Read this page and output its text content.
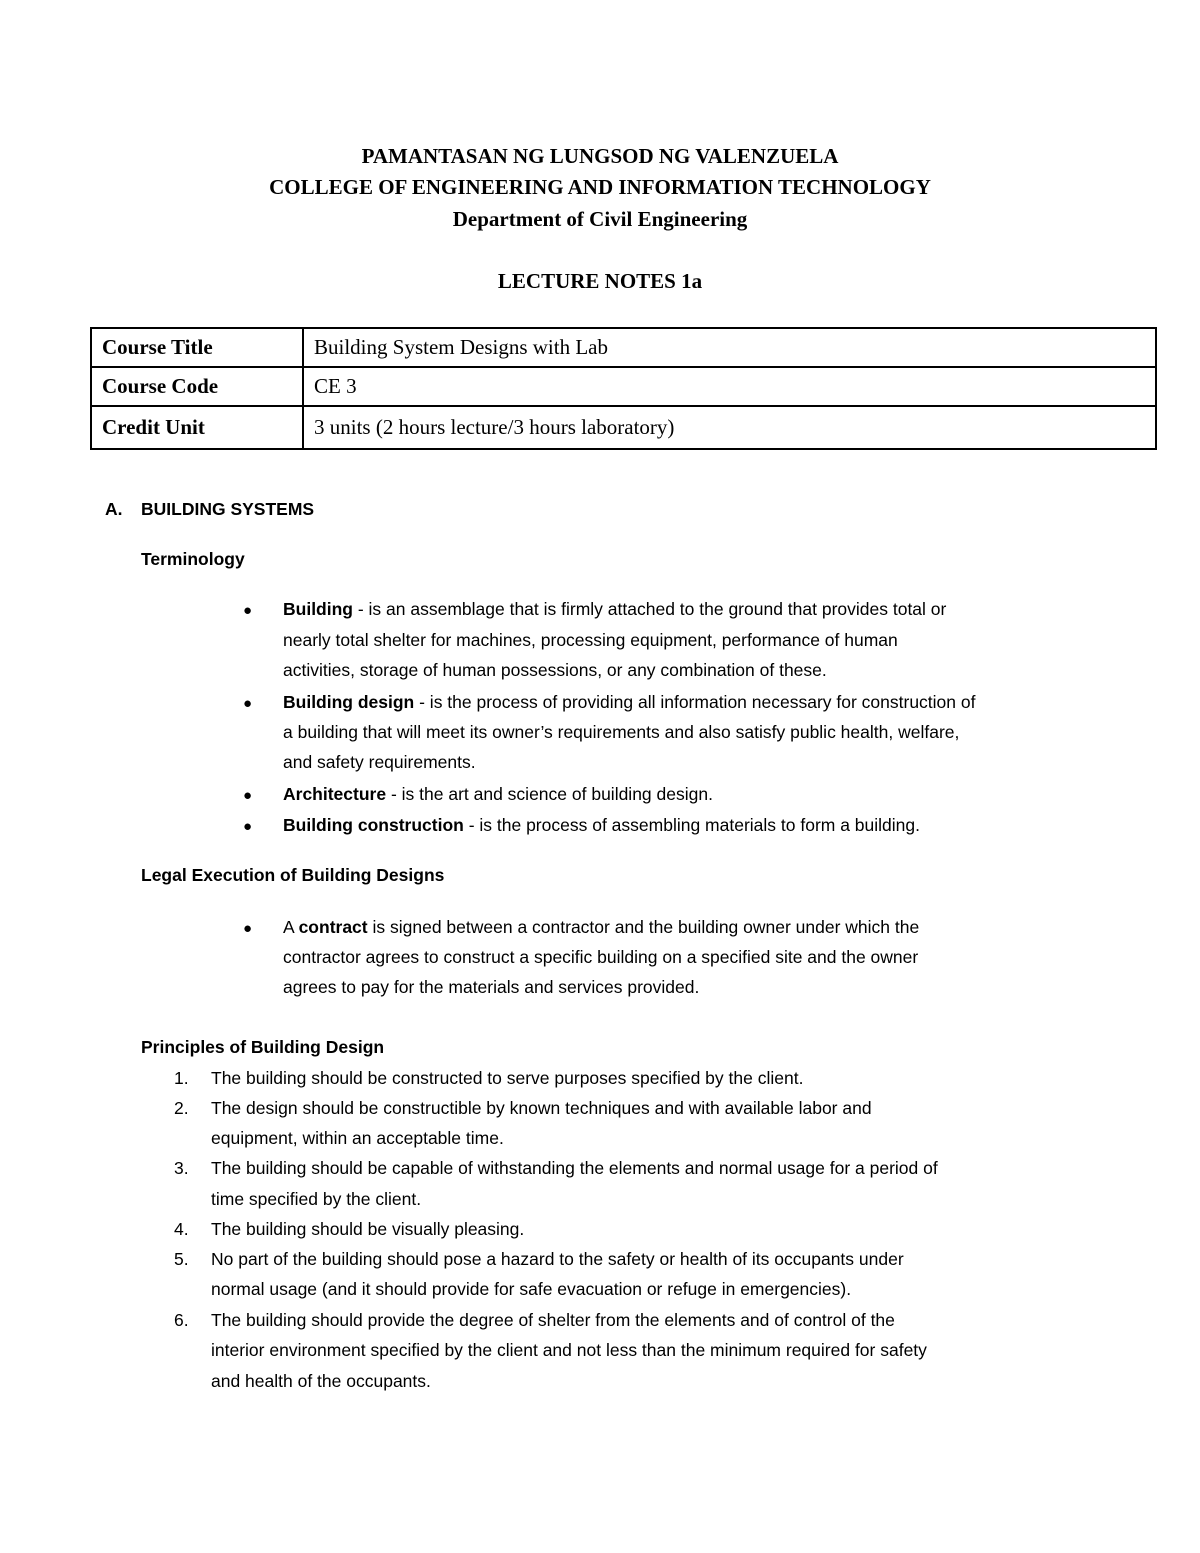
PAMANTASAN NG LUNGSOD NG VALENZUELA
COLLEGE OF ENGINEERING AND INFORMATION TECHNOLOGY
Department of Civil Engineering
LECTURE NOTES 1a
Course Title	Building System Designs with Lab
Course Code	CE 3
Credit Unit	3 units (2 hours lecture/3 hours laboratory)
A. BUILDING SYSTEMS
Terminology
● Building - is an assemblage that is firmly attached to the ground that provides total or
nearly total shelter for machines, processing equipment, performance of human
activities, storage of human possessions, or any combination of these.
● Building design - is the process of providing all information necessary for construction of
a building that will meet its owner’s requirements and also satisfy public health, welfare,
and safety requirements.
● Architecture - is the art and science of building design.
● Building construction - is the process of assembling materials to form a building.
Legal Execution of Building Designs
● A contract is signed between a contractor and the building owner under which the
contractor agrees to construct a specific building on a specified site and the owner
agrees to pay for the materials and services provided.
Principles of Building Design
1. The building should be constructed to serve purposes specified by the client.
2. The design should be constructible by known techniques and with available labor and
equipment, within an acceptable time.
3. The building should be capable of withstanding the elements and normal usage for a period of
time specified by the client.
4. The building should be visually pleasing.
5. No part of the building should pose a hazard to the safety or health of its occupants under
normal usage (and it should provide for safe evacuation or refuge in emergencies).
6. The building should provide the degree of shelter from the elements and of control of the
interior environment specified by the client and not less than the minimum required for safety
and health of the occupants.
